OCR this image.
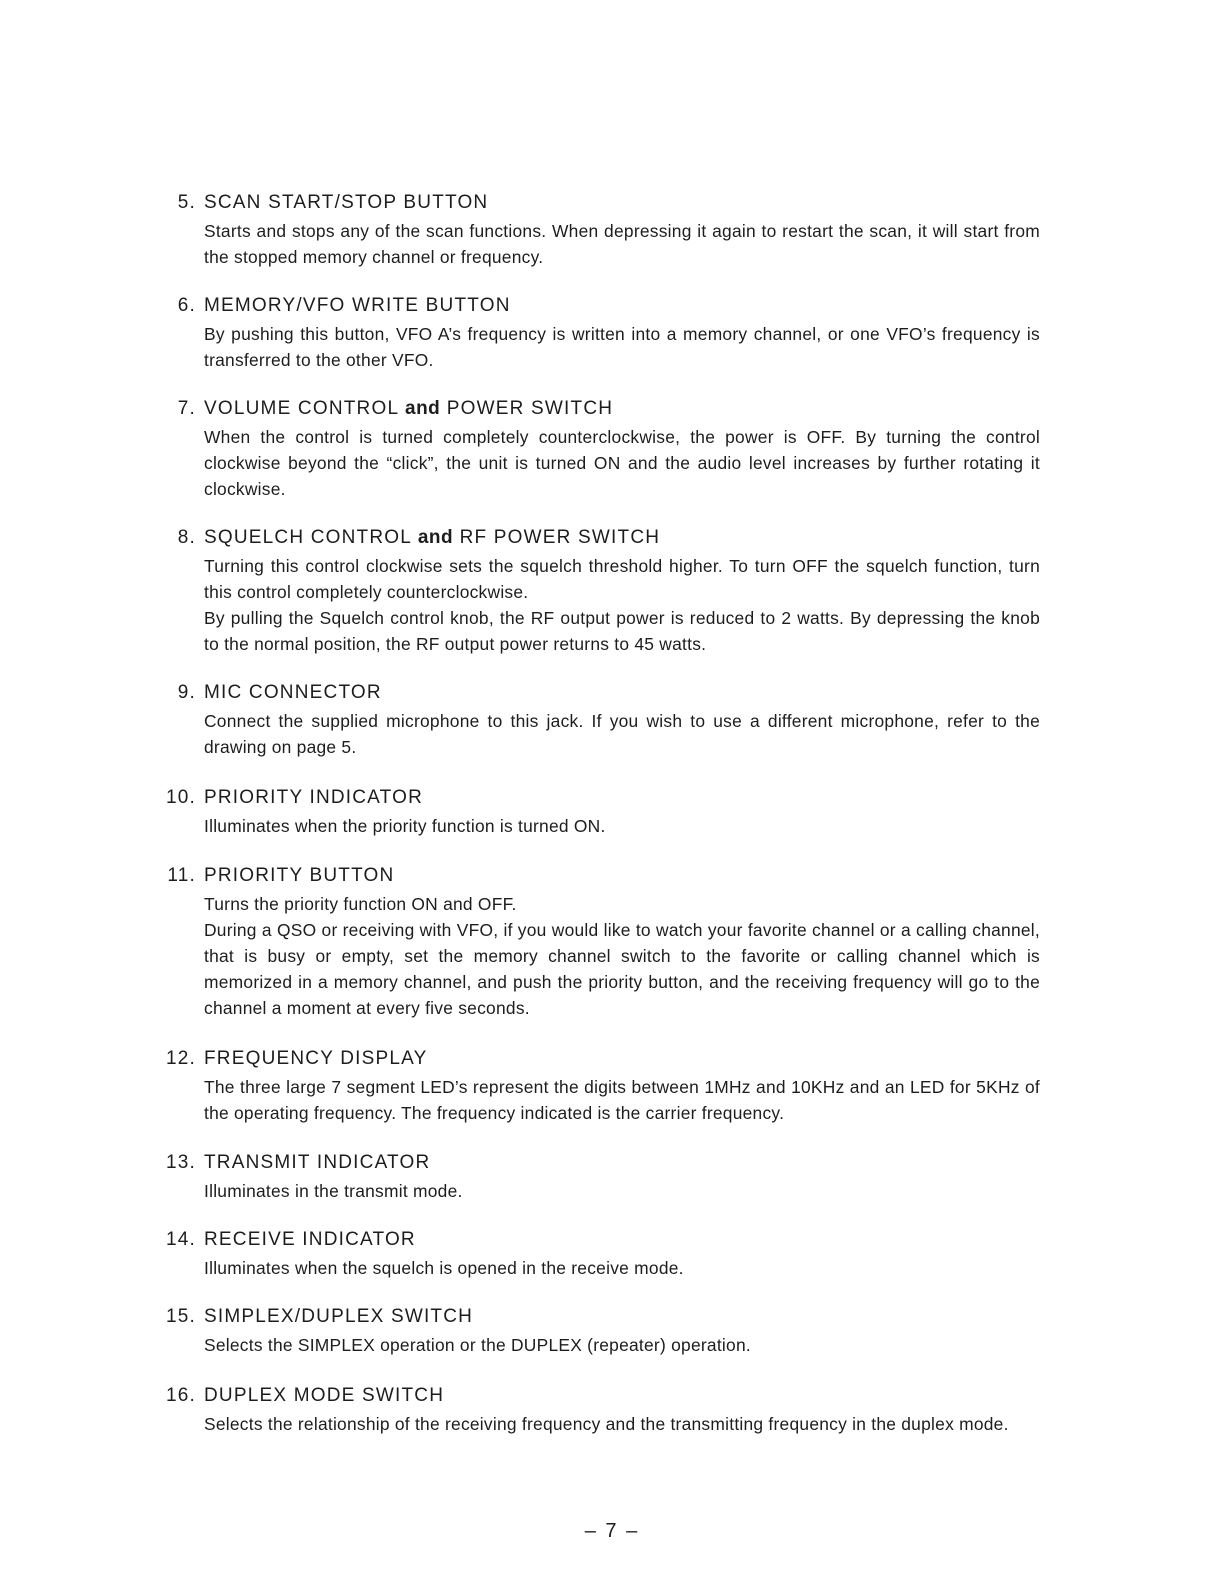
5. SCAN START/STOP BUTTON

Starts and stops any of the scan functions. When depressing it again to restart the scan, it will start from the stopped memory channel or frequency.

6. MEMORY/VFO WRITE BUTTON

By pushing this button, VFO A’s frequency is written into a memory channel, or one VFO’s frequency is transferred to the other VFO.

7. VOLUME CONTROL and POWER SWITCH

When the control is turned completely counterclockwise, the power is OFF. By turning the control clockwise beyond the “click”, the unit is turned ON and the audio level increases by further rotating it clockwise.

8. SQUELCH CONTROL and RF POWER SWITCH

Turning this control clockwise sets the squelch threshold higher. To turn OFF the squelch function, turn this control completely counterclockwise.

By pulling the Squelch control knob, the RF output power is reduced to 2 watts. By depressing the knob to the normal position, the RF output power returns to 45 watts.

9. MIC CONNECTOR

Connect the supplied microphone to this jack. If you wish to use a different microphone, refer to the drawing on page 5.

10. PRIORITY INDICATOR

Illuminates when the priority function is turned ON.

11. PRIORITY BUTTON

Turns the priority function ON and OFF.

During a QSO or receiving with VFO, if you would like to watch your favorite channel or a calling channel, that is busy or empty, set the memory channel switch to the favorite or calling channel which is memorized in a memory channel, and push the priority button, and the receiving frequency will go to the channel a moment at every five seconds.

12. FREQUENCY DISPLAY

The three large 7 segment LED’s represent the digits between 1MHz and 10KHz and an LED for 5KHz of the operating frequency. The frequency indicated is the carrier frequency.

13. TRANSMIT INDICATOR

Illuminates in the transmit mode.

14. RECEIVE INDICATOR

Illuminates when the squelch is opened in the receive mode.

15. SIMPLEX/DUPLEX SWITCH

Selects the SIMPLEX operation or the DUPLEX (repeater) operation.

16. DUPLEX MODE SWITCH

Selects the relationship of the receiving frequency and the transmitting frequency in the duplex mode.

– 7 –
